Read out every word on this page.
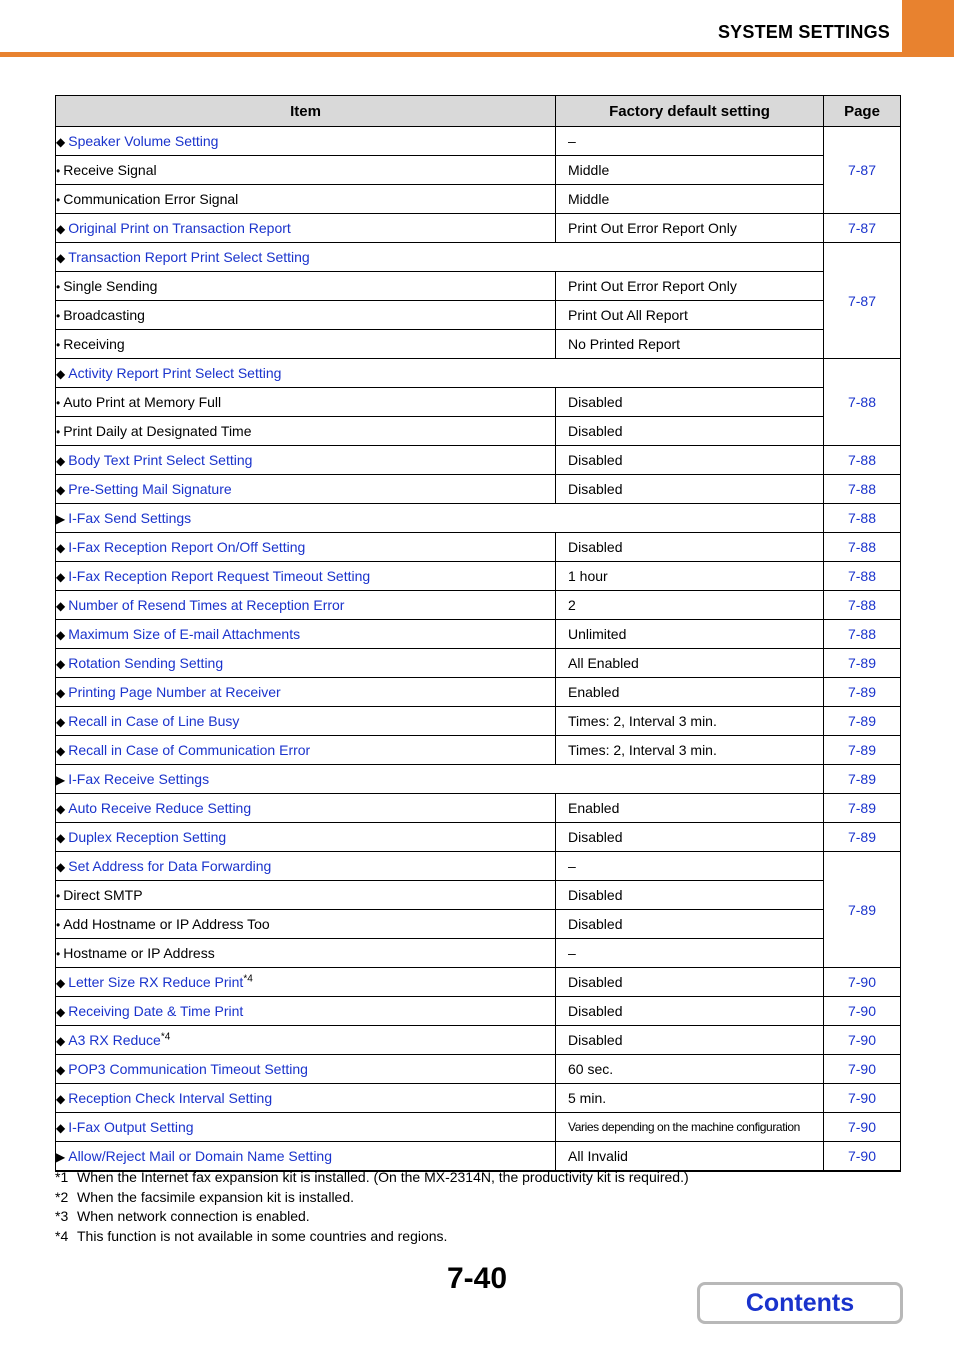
SYSTEM SETTINGS
Item	Factory default setting	Page
◆ Speaker Volume Setting	–	7-87
• Receive Signal	Middle	
• Communication Error Signal	Middle	
◆ Original Print on Transaction Report	Print Out Error Report Only	7-87
◆ Transaction Report Print Select Setting		7-87
• Single Sending	Print Out Error Report Only	
• Broadcasting	Print Out All Report	
• Receiving	No Printed Report	
◆ Activity Report Print Select Setting		7-88
• Auto Print at Memory Full	Disabled	
• Print Daily at Designated Time	Disabled	
◆ Body Text Print Select Setting	Disabled	7-88
◆ Pre-Setting Mail Signature	Disabled	7-88
▶ I-Fax Send Settings		7-88
◆ I-Fax Reception Report On/Off Setting	Disabled	7-88
◆ I-Fax Reception Report Request Timeout Setting	1 hour	7-88
◆ Number of Resend Times at Reception Error	2	7-88
◆ Maximum Size of E-mail Attachments	Unlimited	7-88
◆ Rotation Sending Setting	All Enabled	7-89
◆ Printing Page Number at Receiver	Enabled	7-89
◆ Recall in Case of Line Busy	Times: 2, Interval 3 min.	7-89
◆ Recall in Case of Communication Error	Times: 2, Interval 3 min.	7-89
▶ I-Fax Receive Settings		7-89
◆ Auto Receive Reduce Setting	Enabled	7-89
◆ Duplex Reception Setting	Disabled	7-89
◆ Set Address for Data Forwarding	–	7-89
• Direct SMTP	Disabled	
• Add Hostname or IP Address Too	Disabled	
• Hostname or IP Address	–	
◆ Letter Size RX Reduce Print$^{*4}$	Disabled	7-90
◆ Receiving Date & Time Print	Disabled	7-90
◆ A3 RX Reduce$^{*4}$	Disabled	7-90
◆ POP3 Communication Timeout Setting	60 sec.	7-90
◆ Reception Check Interval Setting	5 min.	7-90
◆ I-Fax Output Setting	Varies depending on the machine configuration	7-90
▶ Allow/Reject Mail or Domain Name Setting	All Invalid	7-90
*1 When the Internet fax expansion kit is installed. (On the MX-2314N, the productivity kit is required.)
*2 When the facsimile expansion kit is installed.
*3 When network connection is enabled.
*4 This function is not available in some countries and regions.
7-40
Contents
